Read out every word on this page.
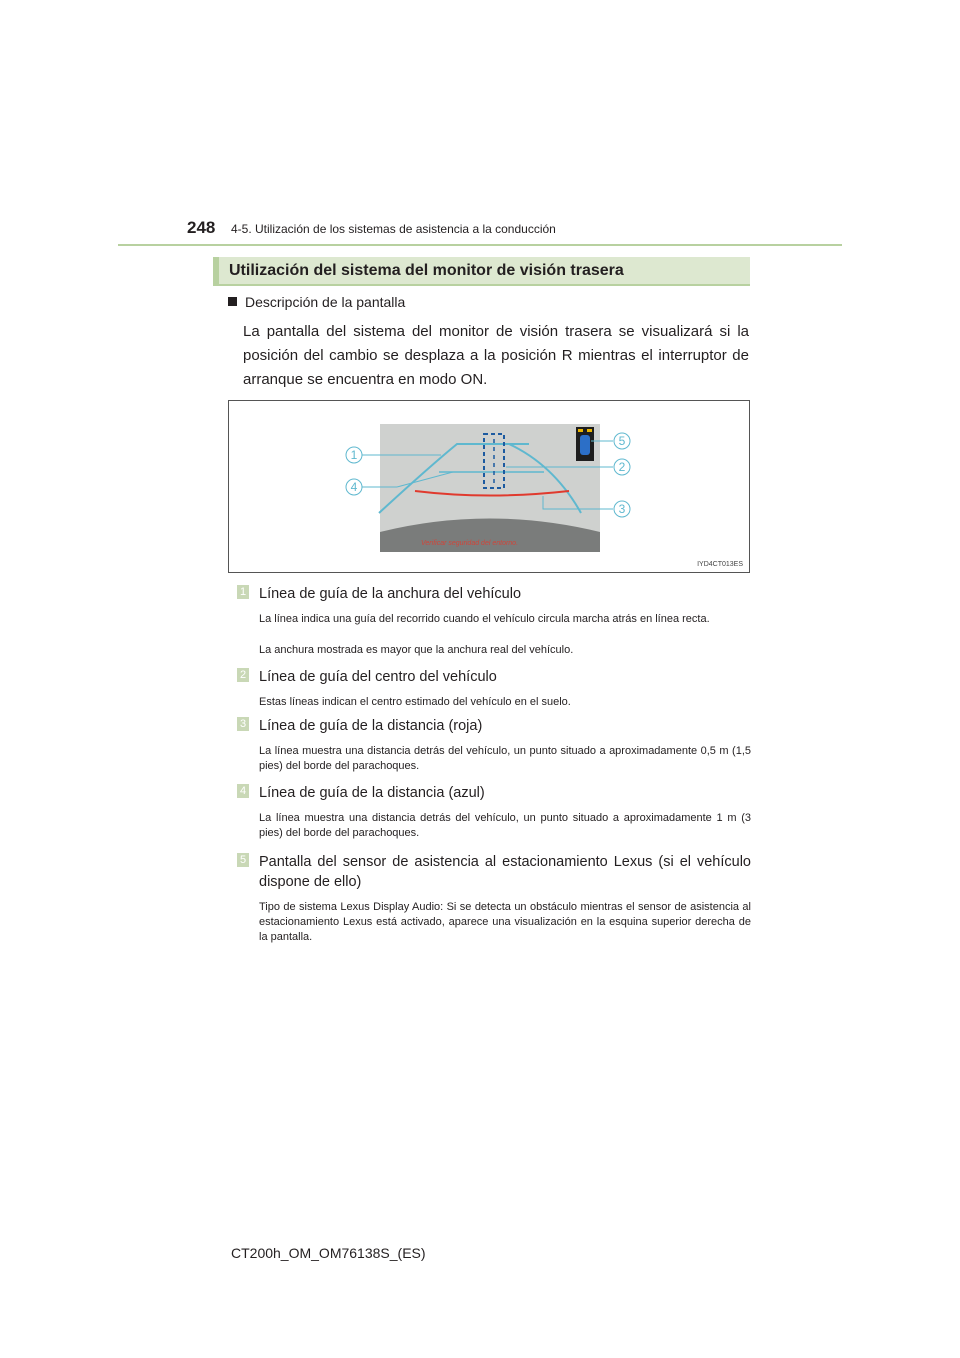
248 4-5. Utilización de los sistemas de asistencia a la conducción
Utilización del sistema del monitor de visión trasera
Descripción de la pantalla
La pantalla del sistema del monitor de visión trasera se visualizará si la posición del cambio se desplaza a la posición R mientras el interruptor de arranque se encuentra en modo ON.
Verificar seguridad del entorno.
1
4
2
3
5
IYD4CT013ES
1 Línea de guía de la anchura del vehículo
La línea indica una guía del recorrido cuando el vehículo circula marcha atrás en línea recta.
La anchura mostrada es mayor que la anchura real del vehículo.
2 Línea de guía del centro del vehículo
Estas líneas indican el centro estimado del vehículo en el suelo.
3 Línea de guía de la distancia (roja)
La línea muestra una distancia detrás del vehículo, un punto situado a aproximadamente 0,5 m (1,5 pies) del borde del parachoques.
4 Línea de guía de la distancia (azul)
La línea muestra una distancia detrás del vehículo, un punto situado a aproximadamente 1 m (3 pies) del borde del parachoques.
5 Pantalla del sensor de asistencia al estacionamiento Lexus (si el vehículo dispone de ello)
Tipo de sistema Lexus Display Audio: Si se detecta un obstáculo mientras el sensor de asistencia al estacionamiento Lexus está activado, aparece una visualización en la esquina superior derecha de la pantalla.
CT200h_OM_OM76138S_(ES)
